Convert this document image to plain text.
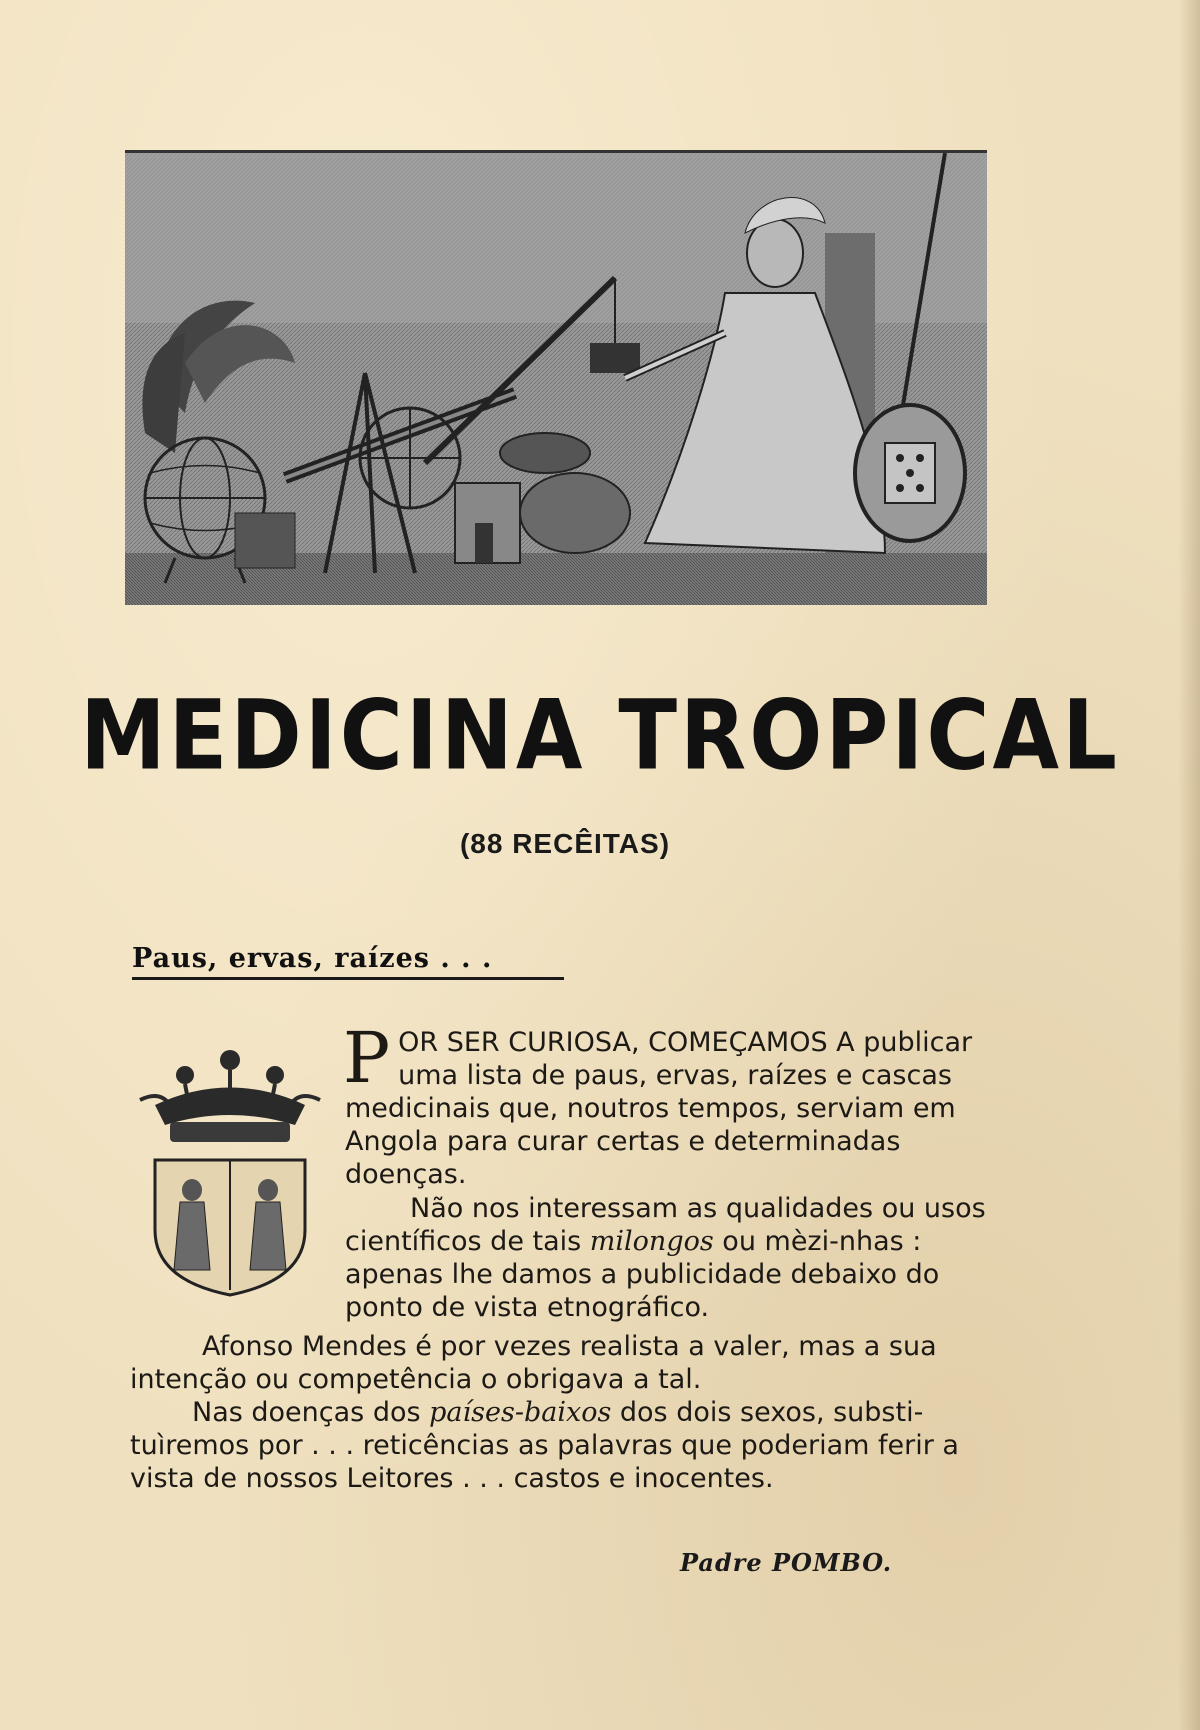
MEDICINA TROPICAL
(88 RECÊITAS)
Paus, ervas, raízes . . .
POR SER CURIOSA, COMEÇAMOS A publicar uma lista de paus, ervas, raízes e cascas medicinais que, noutros tempos, serviam em Angola para curar certas e determinadas doenças.
Não nos interessam as qualidades ou usos científicos de tais milongos ou mèzi-nhas : apenas lhe damos a publicidade debaixo do ponto de vista etnográfico.
Afonso Mendes é por vezes realista a valer, mas a sua intenção ou competência o obrigava a tal.
Nas doenças dos países-baixos dos dois sexos, substi-tuìremos por . . . reticências as palavras que poderiam ferir a vista de nossos Leitores . . . castos e inocentes.
Padre POMBO.
